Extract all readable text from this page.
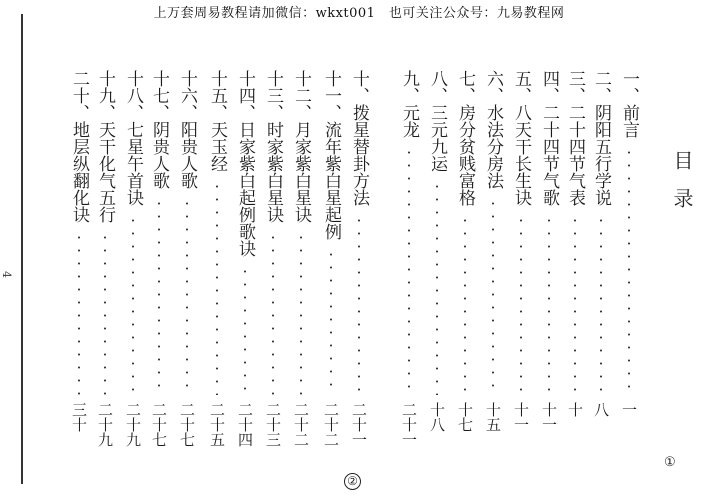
上万套周易教程请加微信：wkxt001　也可关注公众号：九易教程网
4
目录
①
②
一、前言
一
二、阴阳五行学说
八
三、二十四节气表
十
四、二十四节气歌
十一
五、八天干长生诀
十一
六、水法分房法
十五
七、房分贫贱富格
十七
八、三元九运
十八
九、元龙
二十一
十、拨星替卦方法
二十一
十一、流年紫白星起例
二十二
十二、月家紫白星诀
二十二
十三、时家紫白星诀
二十三
十四、日家紫白起例歌诀
二十四
十五、天玉经
二十五
十六、阳贵人歌
二十七
十七、阴贵人歌
二十七
十八、七星午首诀
二十九
十九、天干化气五行
二十九
二十、地层纵翻化诀
三十
